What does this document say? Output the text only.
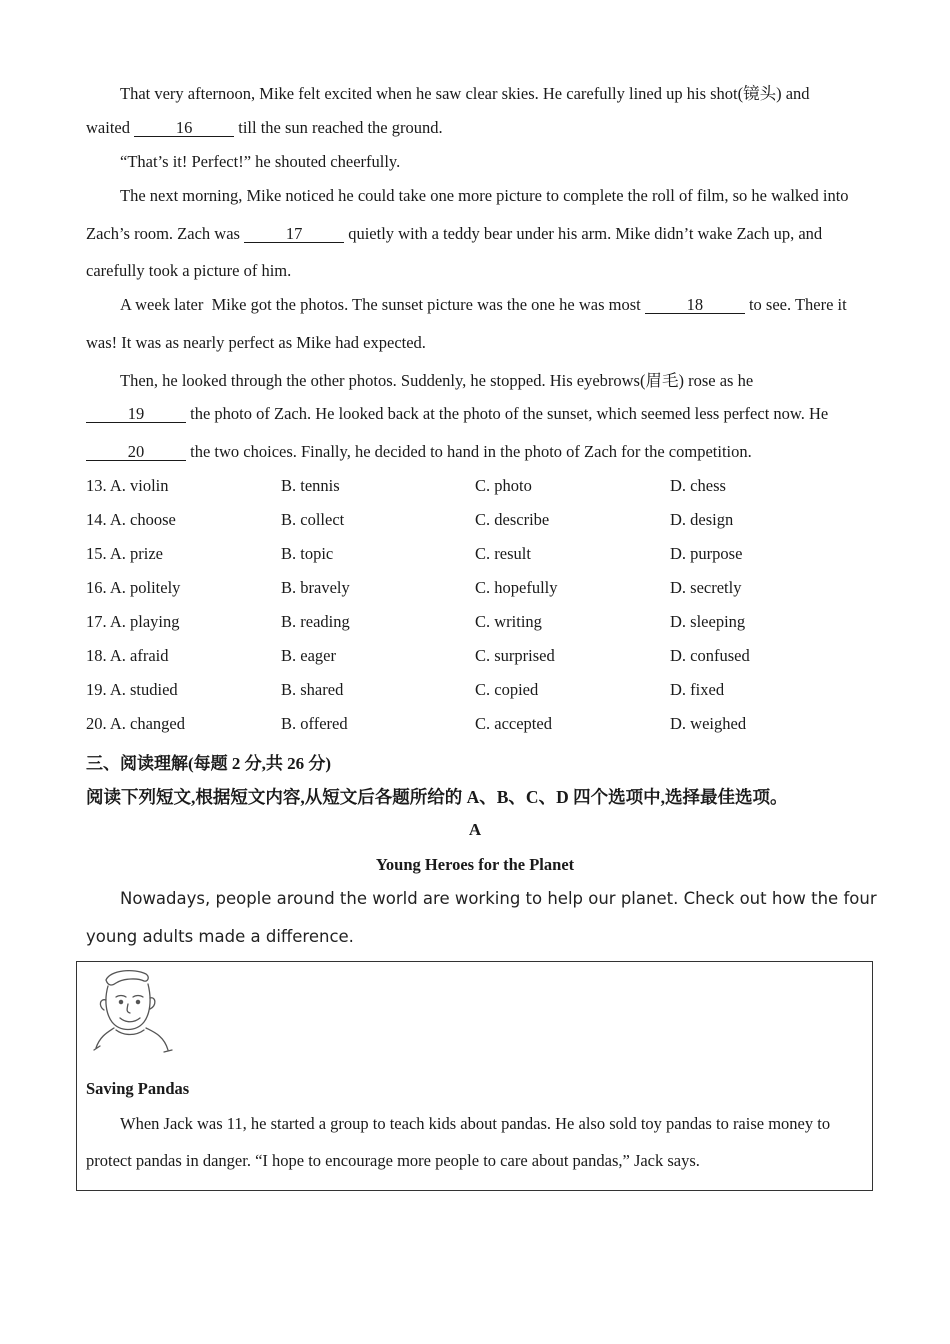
That very afternoon, Mike felt excited when he saw clear skies. He carefully lined up his shot(镜头) and
waited	16	till the sun reached the ground.
“That’s it! Perfect!” he shouted cheerfully.
The next morning, Mike noticed he could take one more picture to complete the roll of film, so he walked into
Zach’s room. Zach was	17	quietly with a teddy bear under his arm. Mike didn’t wake Zach up, and
carefully took a picture of him.
A week later Mike got the photos. The sunset picture was the one he was most	18	to see. There it
was! It was as nearly perfect as Mike had expected.
Then, he looked through the other photos. Suddenly, he stopped. His eyebrows(眉毛) rose as he
19	the photo of Zach. He looked back at the photo of the sunset, which seemed less perfect now. He
20	the two choices. Finally, he decided to hand in the photo of Zach for the competition.
13. A. violin	B. tennis	C. photo	D. chess
14. A. choose	B. collect	C. describe	D. design
15. A. prize	B. topic	C. result	D. purpose
16. A. politely	B. bravely	C. hopefully	D. secretly
17. A. playing	B. reading	C. writing	D. sleeping
18. A. afraid	B. eager	C. surprised	D. confused
19. A. studied	B. shared	C. copied	D. fixed
20. A. changed	B. offered	C. accepted	D. weighed
三、阅读理解(每题 2 分,共 26 分)
阅读下列短文,根据短文内容,从短文后各题所给的 A、B、C、D 四个选项中,选择最佳选项。
A
Young Heroes for the Planet
Nowadays, people around the world are working to help our planet. Check out how the four
young adults made a difference.
Saving Pandas
When Jack was 11, he started a group to teach kids about pandas. He also sold toy pandas to raise money to
protect pandas in danger. “I hope to encourage more people to care about pandas,” Jack says.
